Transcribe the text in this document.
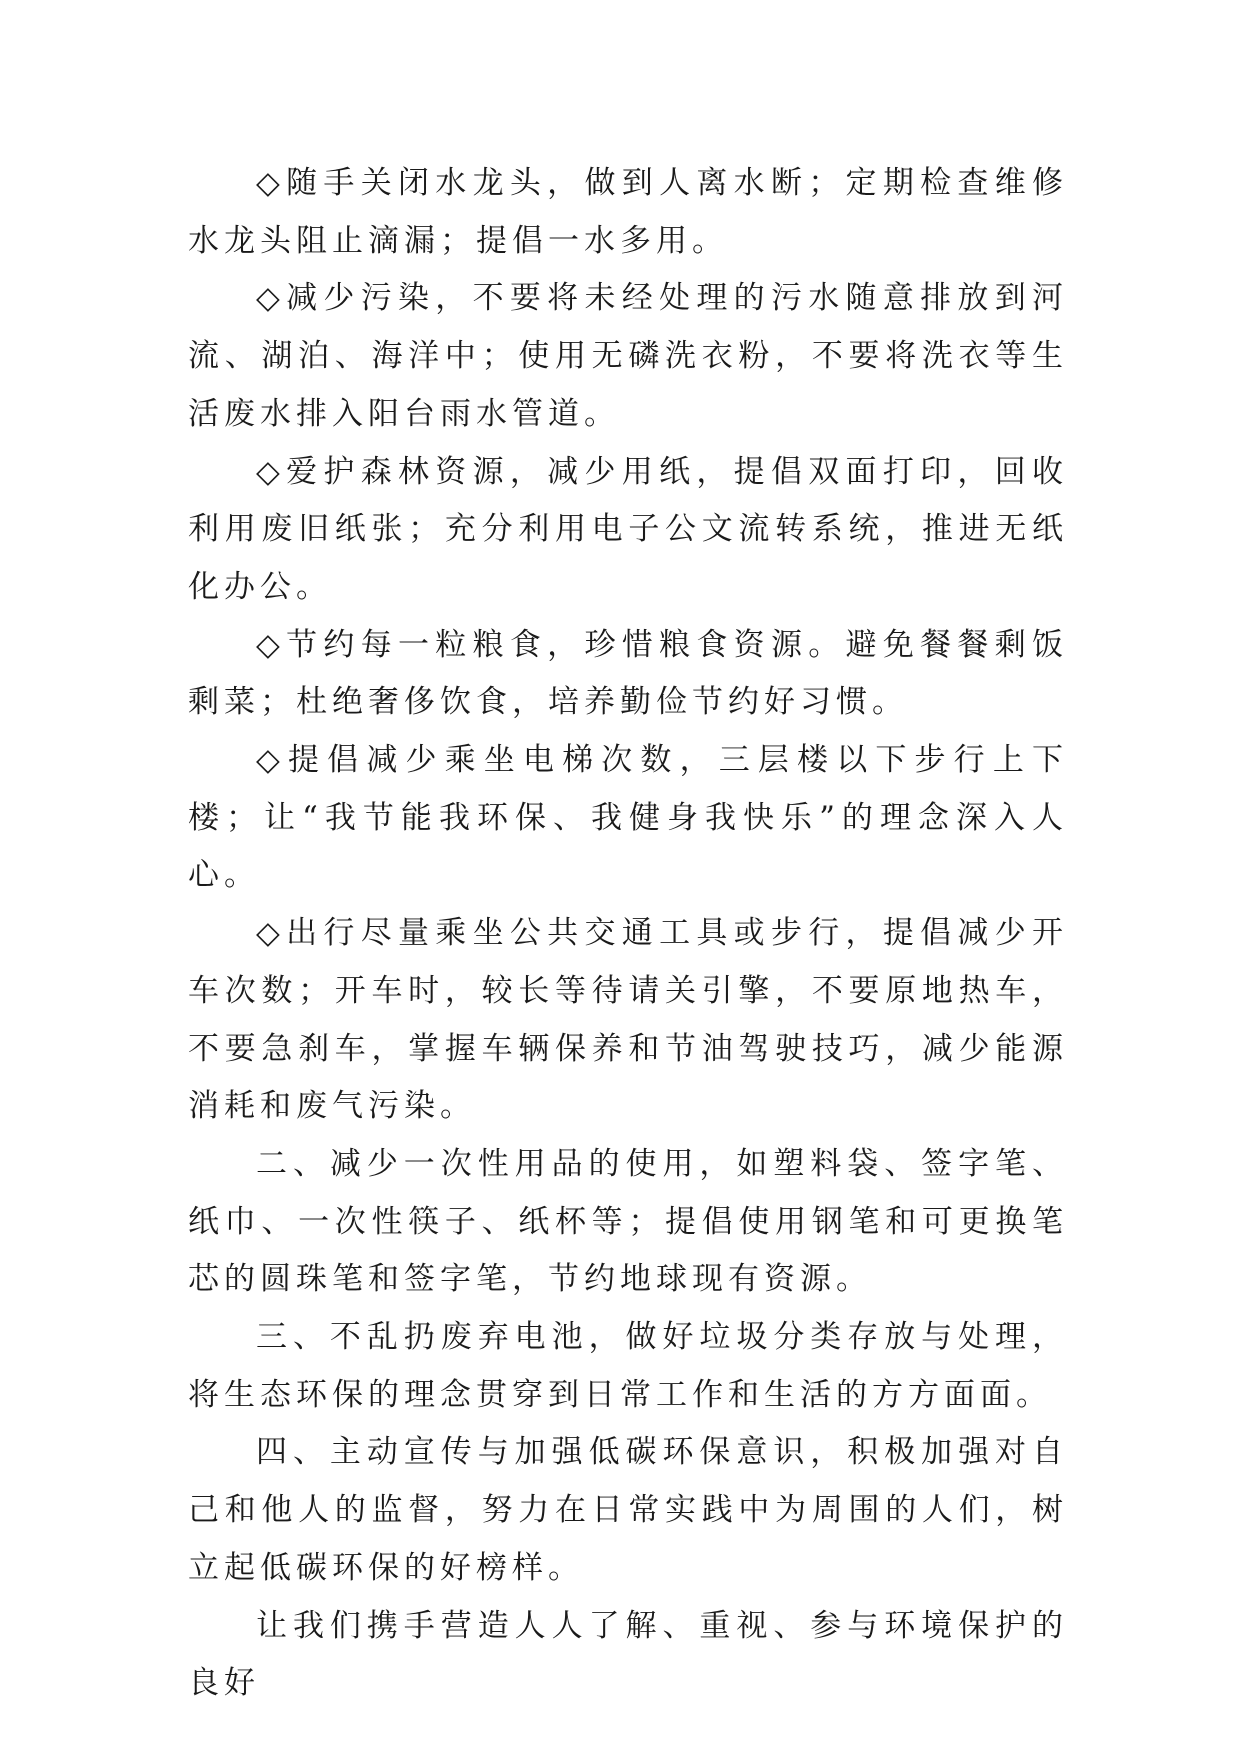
◇随手关闭水龙头，做到人离水断；定期检查维修水龙头阻止滴漏；提倡一水多用。

◇减少污染，不要将未经处理的污水随意排放到河流、湖泊、海洋中；使用无磷洗衣粉，不要将洗衣等生活废水排入阳台雨水管道。

◇爱护森林资源，减少用纸，提倡双面打印，回收利用废旧纸张；充分利用电子公文流转系统，推进无纸化办公。

◇节约每一粒粮食，珍惜粮食资源。避免餐餐剩饭剩菜；杜绝奢侈饮食，培养勤俭节约好习惯。

◇提倡减少乘坐电梯次数，三层楼以下步行上下楼；让“我节能我环保、我健身我快乐”的理念深入人心。

◇出行尽量乘坐公共交通工具或步行，提倡减少开车次数；开车时，较长等待请关引擎，不要原地热车，不要急刹车，掌握车辆保养和节油驾驶技巧，减少能源消耗和废气污染。

二、减少一次性用品的使用，如塑料袋、签字笔、纸巾、一次性筷子、纸杯等；提倡使用钢笔和可更换笔芯的圆珠笔和签字笔，节约地球现有资源。

三、不乱扔废弃电池，做好垃圾分类存放与处理，将生态环保的理念贯穿到日常工作和生活的方方面面。

四、主动宣传与加强低碳环保意识，积极加强对自己和他人的监督，努力在日常实践中为周围的人们，树立起低碳环保的好榜样。

让我们携手营造人人了解、重视、参与环境保护的良好
